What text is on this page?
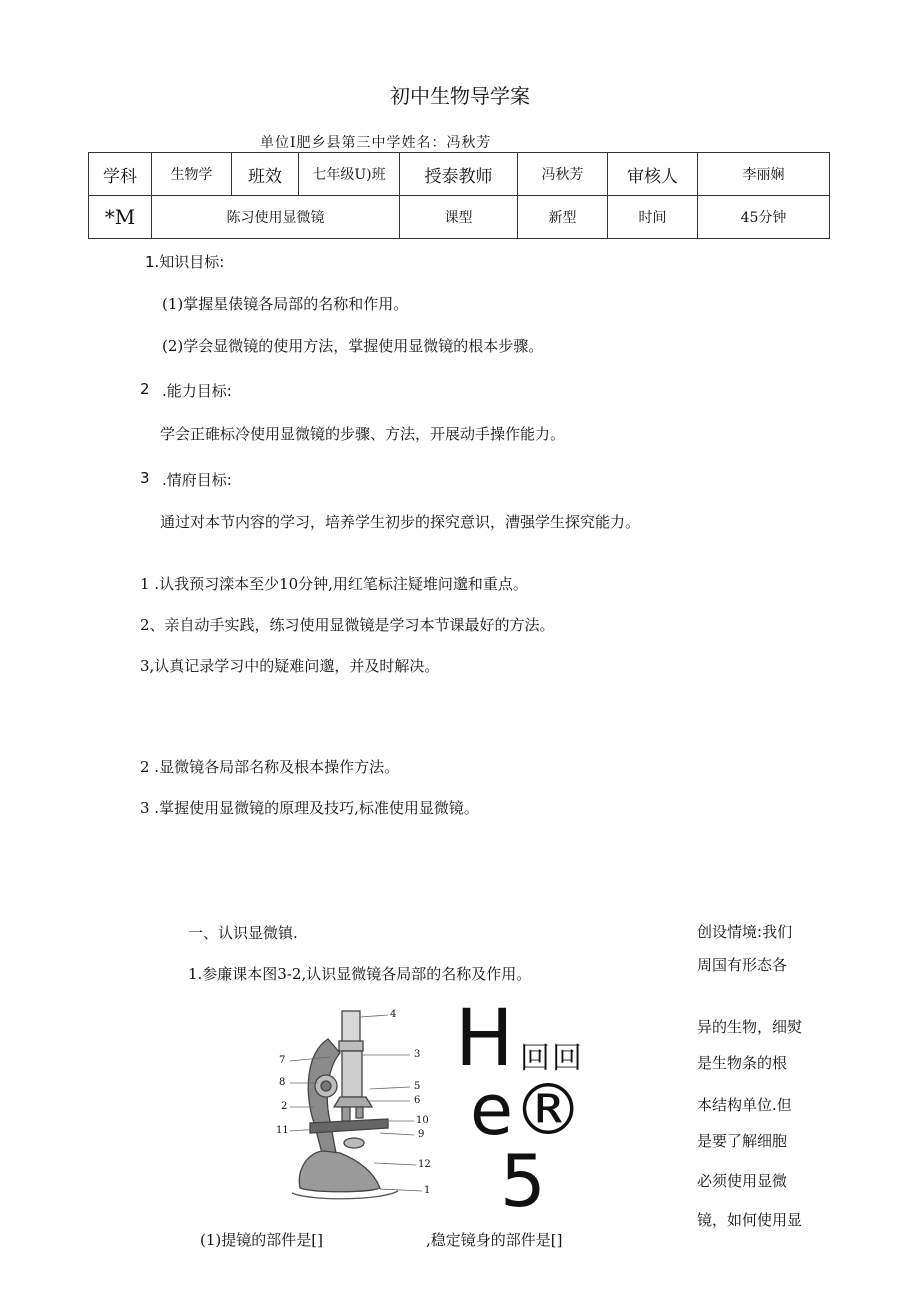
初中生物导学案
单位I肥乡县第三中学姓名：冯秋芳
学科	生物学	班效	七年级U)班	授泰教师	冯秋芳	审核人	李丽娴
*M	陈习使用显微镜			课型	新型	时间	45分钟
1.知识目标:
(1)掌握星俵镜各局部的名称和作用。
(2)学会显微镜的使用方法，掌握使用显微镜的根本步骤。
2 .能力目标:
学会正碓标冷使用显微镜的步骤、方法，开展动手操作能力。
3 .情府目标:
通过对本节内容的学习，培养学生初步的探究意识，漕强学生探究能力。
1 .认我预习滦本至少10分钟,用红笔标注疑堆问邈和重点。
2、亲自动手实践，练习使用显微镜是学习本节课最好的方法。
3,认真记录学习中的疑难问邈，并及时解决。
2 .显微镜各局部名称及根本操作方法。
3 .掌握使用显微镜的原理及技巧,标准使用显微镜。
一、认识显微镇.
1.参廉课本图3-2,认识显微镜各局部的名称及作用。
4
7
3
8	5
6
2
10
11	9
12
1
H 回回
e®
5
(1)提镜的部件是[]	,稳定镜身的部件是[]
创设情境:我们
周国有形态各
异的生物，细熨
是生物条的根
本结构单位.但
是要了解细胞
必须使用显微
镜，如何使用显
